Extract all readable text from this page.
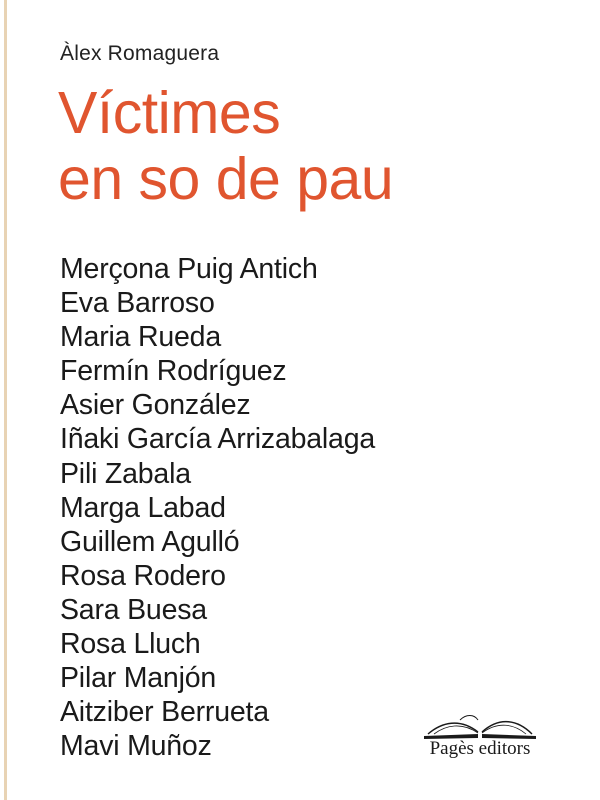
Àlex Romaguera
Víctimes
en so de pau
Merçona Puig Antich
Eva Barroso
Maria Rueda
Fermín Rodríguez
Asier González
Iñaki García Arrizabalaga
Pili Zabala
Marga Labad
Guillem Agulló
Rosa Rodero
Sara Buesa
Rosa Lluch
Pilar Manjón
Aitziber Berrueta
Mavi Muñoz	Pagès editors
